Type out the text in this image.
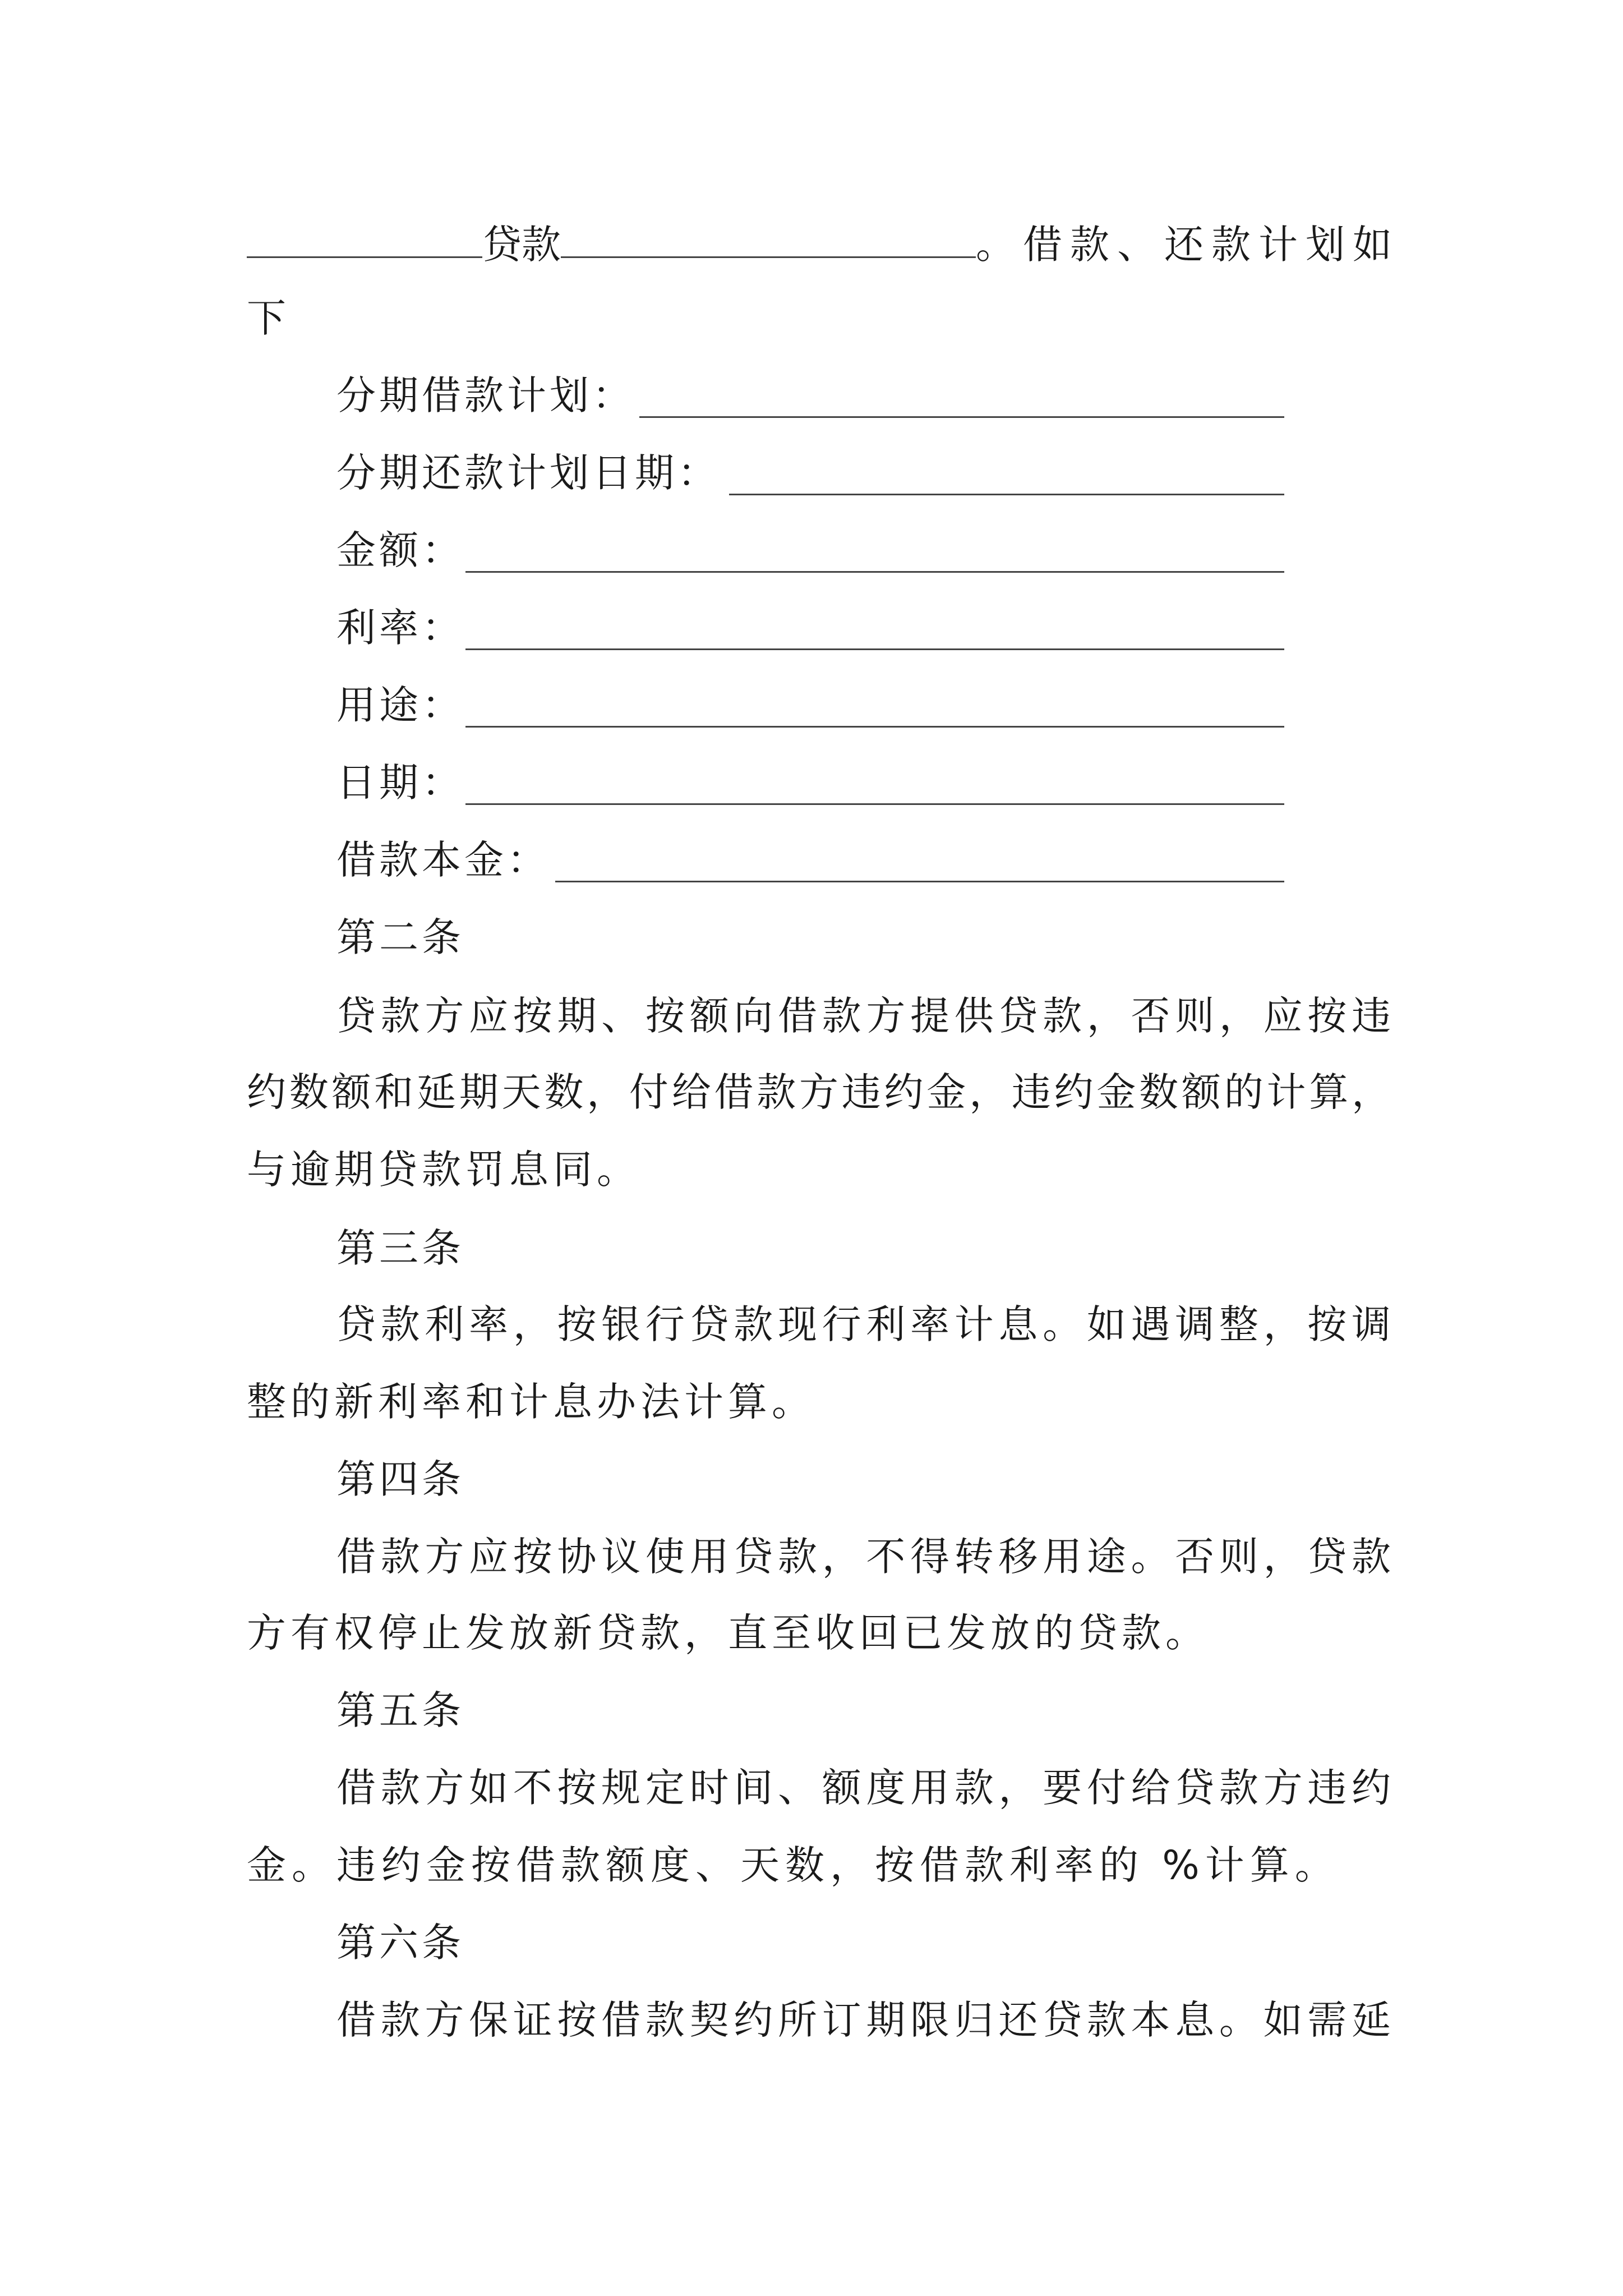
贷款	。借款、还款计划如
下
分期借款计划：
分期还款计划日期：
金额：
利率：
用途：
日期：
借款本金：
第二条
贷款方应按期、按额向借款方提供贷款，否则，应按违
约数额和延期天数，付给借款方违约金，违约金数额的计算，
与逾期贷款罚息同。
第三条
贷款利率，按银行贷款现行利率计息。如遇调整，按调
整的新利率和计息办法计算。
第四条
借款方应按协议使用贷款，不得转移用途。否则，贷款
方有权停止发放新贷款，直至收回已发放的贷款。
第五条
借款方如不按规定时间、额度用款，要付给贷款方违约
金。违约金按借款额度、天数，按借款利率的 %计算。
第六条
借款方保证按借款契约所订期限归还贷款本息。如需延
